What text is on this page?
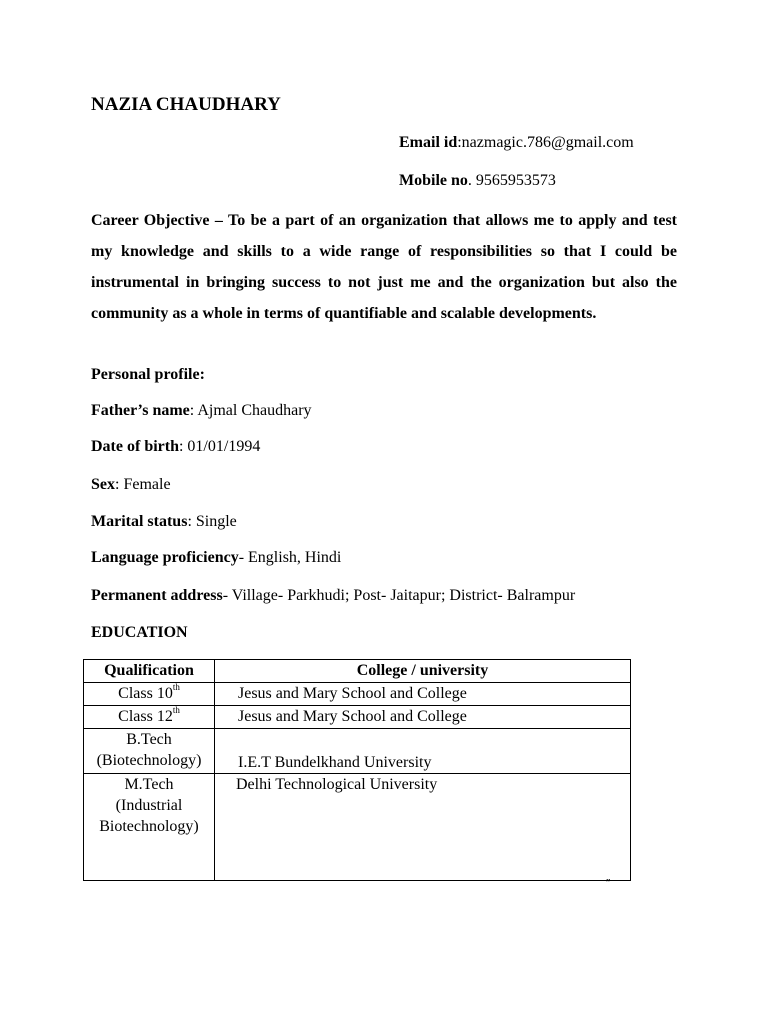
NAZIA CHAUDHARY
Email id:nazmagic.786@gmail.com
Mobile no. 9565953573
Career Objective – To be a part of an organization that allows me to apply and test my knowledge and skills to a wide range of responsibilities so that I could be instrumental in bringing success to not just me and the organization but also the community as a whole in terms of quantifiable and scalable developments.
Personal profile:
Father’s name: Ajmal Chaudhary
Date of birth: 01/01/1994
Sex: Female
Marital status: Single
Language proficiency- English, Hindi
Permanent address- Village- Parkhudi; Post- Jaitapur; District- Balrampur
EDUCATION
Qualification	College / university
Class 10th	Jesus and Mary School and College
Class 12th	Jesus and Mary School and College

B.Tech
(Biotechnology)	I.E.T Bundelkhand University

M.Tech
(Industrial
Biotechnology)	Delhi Technological University
„
